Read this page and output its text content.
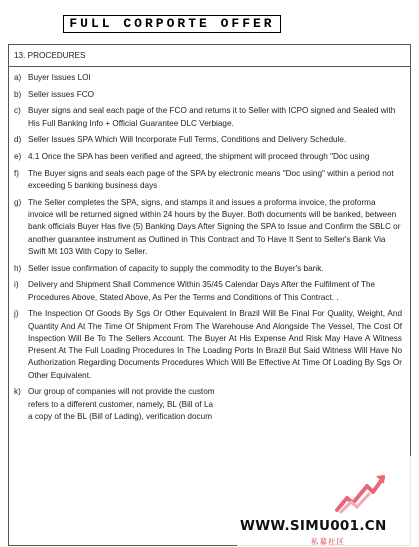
FULL CORPORTE OFFER
13. PROCEDURES
a) Buyer Issues LOI
b) Seller issues FCO
c) Buyer signs and seal each page of the FCO and returns it to Seller with ICPO signed and Sealed with His Full Banking Info + Official Guarantee DLC Verbiage.
d) Seller Issues SPA Which Will Incorporate Full Terms, Conditions and Delivery Schedule.
e) 4.1 Once the SPA has been verified and agreed, the shipment will proceed through "Doc using
f)	The Buyer signs and seals each page of the SPA by electronic means "Doc using" within a period not exceeding 5 banking business days
g) The Seller completes the SPA, signs, and stamps it and issues a proforma invoice, the proforma invoice will be returned signed within 24 hours by the Buyer. Both documents will be banked, between bank officials Buyer Has five (5) Banking Days After Signing the SPA to Issue and Confirm the SBLC or another guarantee instrument as Outlined in This Contract and To Have It Sent to Seller's Bank Via Swift Mt 103 With Copy to Seller.
h) Seller issue confirmation of capacity to supply the commodity to the Buyer's bank.
i)	Delivery and Shipment Shall Commence Within 35/45 Calendar Days After the Fulfilment of The Procedures Above, Stated Above, As Per the Terms and Conditions of This Contract. .
j)	The Inspection Of Goods By Sgs Or Other Equivalent In Brazil Will Be Final For Quality, Weight, And Quantity And At The Time Of Shipment From The Warehouse And Alongside The Vessel, The Cost Of Inspection Will Be To The Sellers Account. The Buyer At His Expense And Risk May Have A Witness Present At The Full Loading Procedures In The Loading Ports In Brazil But Said Witness Will Have No Authorization Regarding Documents Procedures Which Will Be Effective At Time Of Loading By Sgs Or Other Equivalent.
k) Our group of companies will not provide the custom
refers to a different customer, namely, BL (Bill of La
a copy of the BL (Bill of Lading), verification docum
WWW.SIMU001.CN
私募社区
